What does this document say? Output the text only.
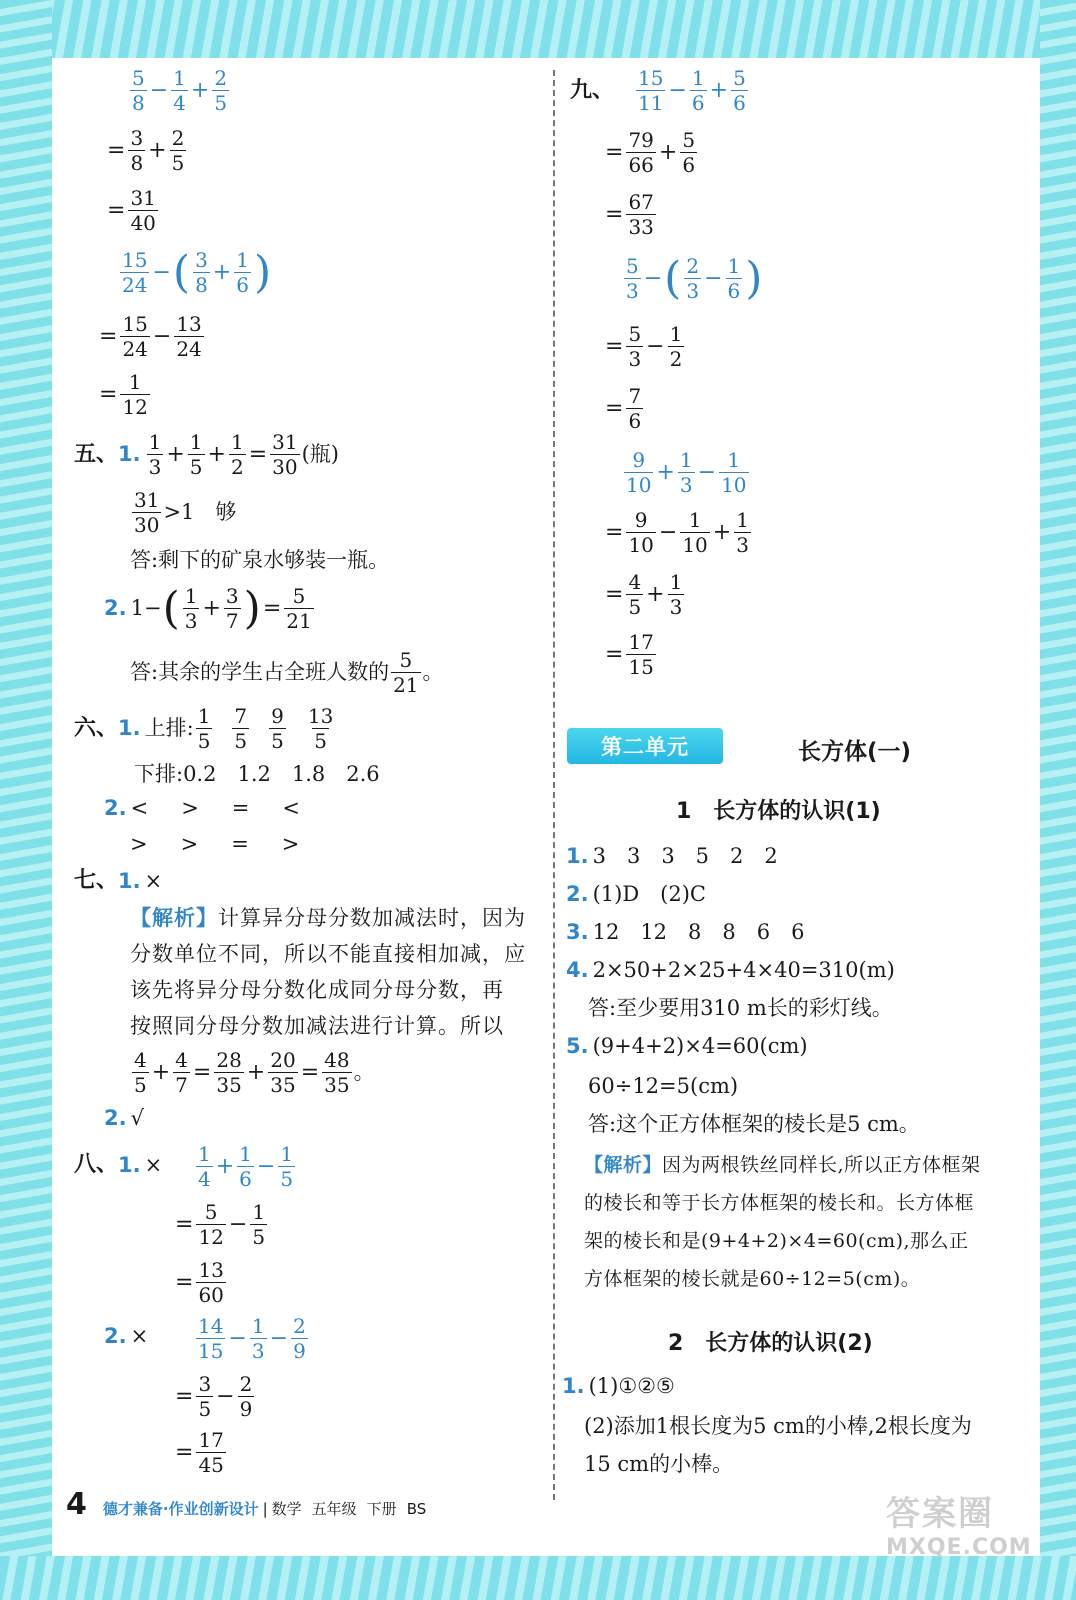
$\frac{5}{8} - \frac{1}{4} + \frac{2}{5}$
= $\frac{3}{8} + \frac{2}{5}$
= $\frac{31}{40}$
$\frac{15}{24}$ − ( $\frac{3}{8} + \frac{1}{6}$ )
= $\frac{15}{24} - \frac{13}{24}$
= $\frac{1}{12}$
五、 1. $\frac{1}{3} + \frac{1}{5} + \frac{1}{2} = \frac{31}{30}$ (瓶)
$\frac{31}{30} >1$　够
答:剩下的矿泉水够装一瓶。
2. 1− ( $\frac{1}{3} + \frac{3}{7}$ ) = $\frac{5}{21}$
答:其余的学生占全班人数的 $\frac{5}{21}$ 。
六、 1. 上排: $\frac{1}{5} \frac{7}{5} \frac{9}{5} \frac{13}{5}$
下排:0.2　1.2　1.8　2.6
2. <　>　=　<
>　>　=　>
七、 1. ×
【解析】计算异分母分数加减法时，因为
分数单位不同，所以不能直接相加减，应
该先将异分母分数化成同分母分数，再
按照同分母分数加减法进行计算。所以
$\frac{4}{5} + \frac{4}{7} = \frac{28}{35} + \frac{20}{35} = \frac{48}{35}$ 。
2. √
八、 1. × $\frac{1}{4} + \frac{1}{6} - \frac{1}{5}$
= $\frac{5}{12} - \frac{1}{5}$
= $\frac{13}{60}$
2. × $\frac{14}{15} - \frac{1}{3} - \frac{2}{9}$
= $\frac{3}{5} - \frac{2}{9}$
= $\frac{17}{45}$
九、 $\frac{15}{11} - \frac{1}{6} + \frac{5}{6}$
= $\frac{79}{66} + \frac{5}{6}$
= $\frac{67}{33}$
$\frac{5}{3}$ − ( $\frac{2}{3} - \frac{1}{6}$ )
= $\frac{5}{3} - \frac{1}{2}$
= $\frac{7}{6}$
$\frac{9}{10} + \frac{1}{3} - \frac{1}{10}$
= $\frac{9}{10} - \frac{1}{10} + \frac{1}{3}$
= $\frac{4}{5} + \frac{1}{3}$
= $\frac{17}{15}$
第二单元	长方体(一)
1　长方体的认识(1)
1. 3　3　3　5　2　2
2. (1)D　(2)C
3. 12　12　8　8　6　6
4. 2×50+2×25+4×40=310(m)
答:至少要用310 m长的彩灯线。
5. (9+4+2)×4=60(cm)
60÷12=5(cm)
答:这个正方体框架的棱长是5 cm。
【解析】因为两根铁丝同样长,所以正方体框架
的棱长和等于长方体框架的棱长和。长方体框
架的棱长和是(9+4+2)×4=60(cm),那么正
方体框架的棱长就是60÷12=5(cm)。
2　长方体的认识(2)
1. (1)①②⑤
(2)添加1根长度为5 cm的小棒,2根长度为
15 cm的小棒。
4 德才兼备·作业创新设计 | 数学 五年级 下册 BS	答案圈
MXQE.COM
